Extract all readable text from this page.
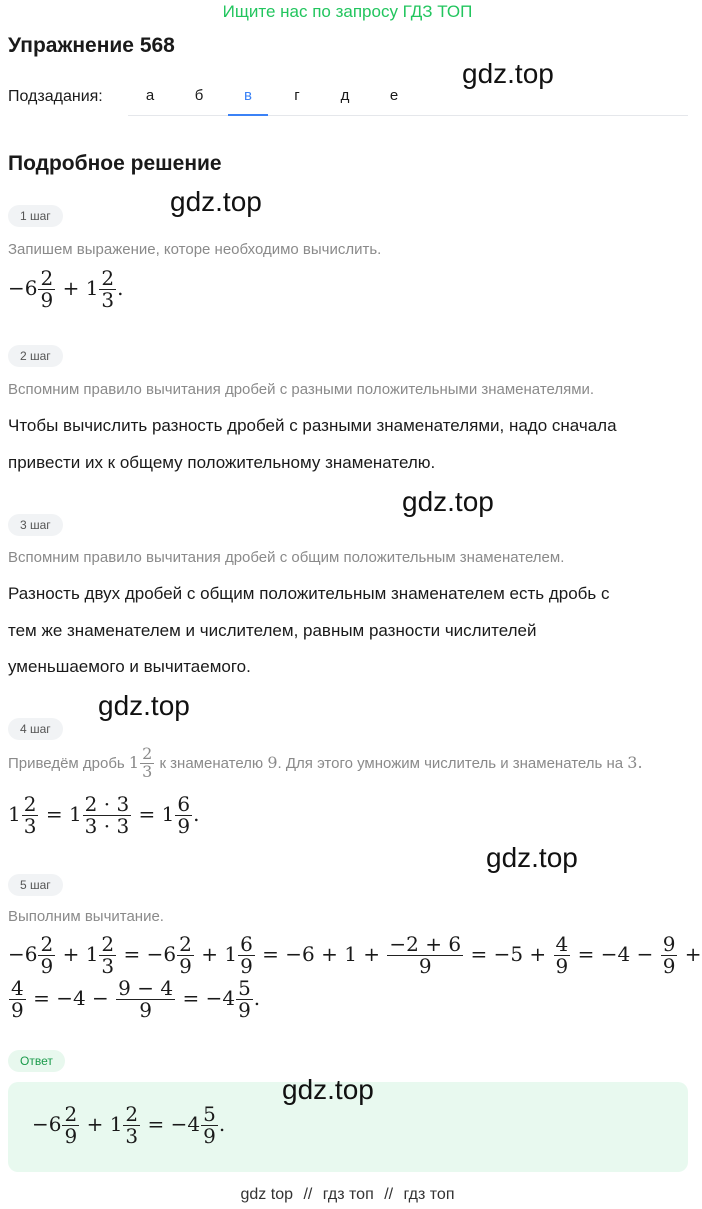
Ищите нас по запросу ГДЗ ТОП
Упражнение 568
gdz.top
Подзадания:	а	б	в	г	д	е
Подробное решение
gdz.top
1 шаг
Запишем выражение, которе необходимо вычислить.
$-6 \frac{2}{9} + 1 \frac{2}{3}$ .
2 шаг
Вспомним правило вычитания дробей с разными положительными знаменателями.
Чтобы вычислить разность дробей с разными знаменателями, надо сначала
привести их к общему положительному знаменателю.
gdz.top
3 шаг
Вспомним правило вычитания дробей с общим положительным знаменателем.
Разность двух дробей с общим положительным знаменателем есть дробь с
тем же знаменателем и числителем, равным разности числителей
уменьшаемого и вычитаемого.
gdz.top
4 шаг
Приведём дробь $1 \frac{2}{3}$ к знаменателю 9. Для этого умножим числитель и знаменатель на 3.
$1 \frac{2}{3} = 1 \frac{2 \cdot 3}{3 \cdot 3} = 1 \frac{6}{9}$ .
gdz.top
5 шаг
Выполним вычитание.
$-6 \frac{2}{9} + 1 \frac{2}{3} = -6 \frac{2}{9} + 1 \frac{6}{9} = -6 + 1 + \frac{-2 + 6}{9} = -5 + \frac{4}{9} = -4 - \frac{9}{9}$ +
$\frac{4}{9} = -4 - \frac{9 - 4}{9} = -4 \frac{5}{9}$ .
Ответ
gdz.top
$-6 \frac{2}{9} + 1 \frac{2}{3} = -4 \frac{5}{9}$ .
gdz top // гдз топ // гдз топ
